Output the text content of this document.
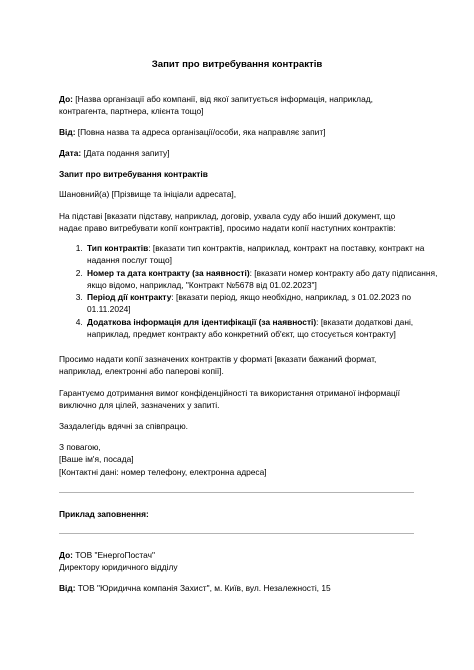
Запит про витребування контрактів

До: [Назва організації або компанії, від якої запитується інформація, наприклад, контрагента, партнера, клієнта тощо]

Від: [Повна назва та адреса організації/особи, яка направляє запит]

Дата: [Дата подання запиту]

Запит про витребування контрактів

Шановний(а) [Прізвище та ініціали адресата],

На підставі [вказати підставу, наприклад, договір, ухвала суду або інший документ, що надає право витребувати копії контрактів], просимо надати копії наступних контрактів:

1. Тип контрактів: [вказати тип контрактів, наприклад, контракт на поставку, контракт на надання послуг тощо]
2. Номер та дата контракту (за наявності): [вказати номер контракту або дату підписання, якщо відомо, наприклад, "Контракт №5678 від 01.02.2023"]
3. Період дії контракту: [вказати період, якщо необхідно, наприклад, з 01.02.2023 по 01.11.2024]
4. Додаткова інформація для ідентифікації (за наявності): [вказати додаткові дані, наприклад, предмет контракту або конкретний об'єкт, що стосується контракту]

Просимо надати копії зазначених контрактів у форматі [вказати бажаний формат, наприклад, електронні або паперові копії].

Гарантуємо дотримання вимог конфіденційності та використання отриманої інформації виключно для цілей, зазначених у запиті.

Заздалегідь вдячні за співпрацю.

З повагою,

[Ваше ім'я, посада]

[Контактні дані: номер телефону, електронна адреса]

Приклад заповнення:

До: ТОВ "ЕнергоПостач"

Директору юридичного відділу

Від: ТОВ "Юридична компанія Захист", м. Київ, вул. Незалежності, 15
